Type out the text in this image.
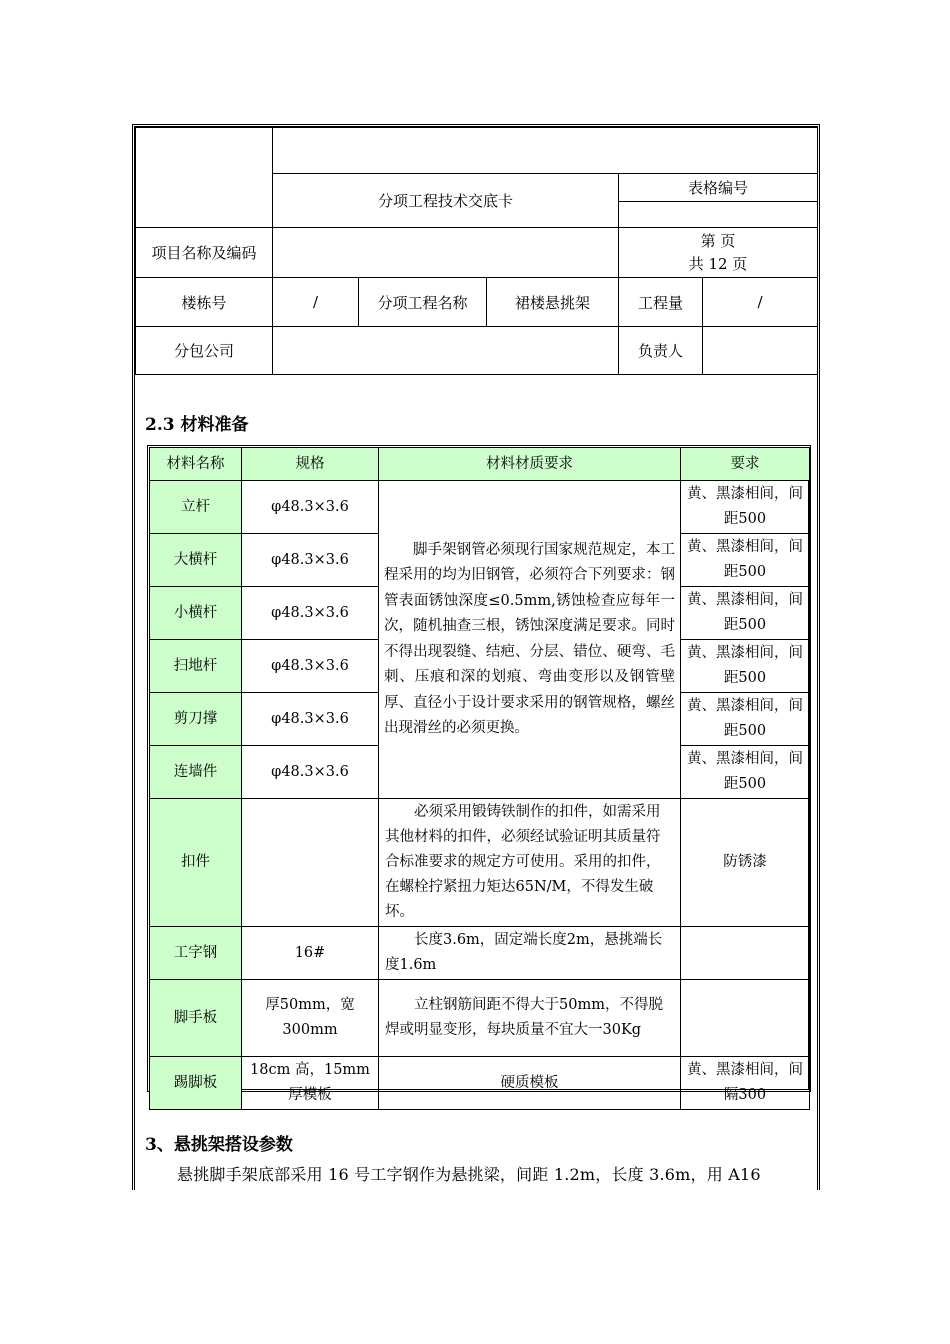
	分项工程技术交底卡			表格编号	

项目名称及编码				第 页
共 12 页	

楼栋号	/	分项工程名称	裙楼悬挑架	工程量	/
分包公司				负责人	
2.3 材料准备
材料名称	规格	材料材质要求	要求
立杆	φ48.3×3.6	脚手架钢管必须现行国家规范规定，本工程采用的均为旧钢管，必须符合下列要求：钢管表面锈蚀深度≤0.5mm,锈蚀检查应每年一次，随机抽查三根，锈蚀深度满足要求。同时不得出现裂缝、结疤、分层、错位、硬弯、毛刺、压痕和深的划痕、弯曲变形以及钢管壁厚、直径小于设计要求采用的钢管规格，螺丝出现滑丝的必须更换。	黄、黑漆相间，间距500
大横杆	φ48.3×3.6		黄、黑漆相间，间距500
小横杆	φ48.3×3.6		黄、黑漆相间，间距500
扫地杆	φ48.3×3.6		黄、黑漆相间，间距500
剪刀撑	φ48.3×3.6		黄、黑漆相间，间距500
连墙件	φ48.3×3.6		黄、黑漆相间，间距500
扣件		必须采用锻铸铁制作的扣件，如需采用其他材料的扣件，必须经试验证明其质量符合标准要求的规定方可使用。采用的扣件，在螺栓拧紧扭力矩达65N/M，不得发生破坏。	防锈漆
工字钢	16#	长度3.6m，固定端长度2m，悬挑端长度1.6m	
脚手板	厚50mm，宽300mm	立柱钢筋间距不得大于50mm，不得脱焊或明显变形，每块质量不宜大一30Kg	
踢脚板	18cm 高，15mm 厚模板	硬质模板	黄、黑漆相间，间隔300
3、悬挑架搭设参数
悬挑脚手架底部采用 16 号工字钢作为悬挑梁，间距 1.2m，长度 3.6m，用 A16
